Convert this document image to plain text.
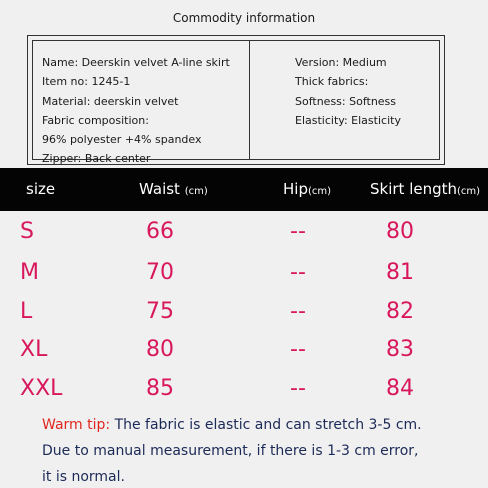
Commodity information
Name: Deerskin velvet A-line skirt
Item no: 1245-1
Material: deerskin velvet
Fabric composition:
96% polyester +4% spandex
Zipper: Back center
Version: Medium
Thick fabrics:
Softness: Softness
Elasticity: Elasticity
size	Waist (cm)	Hip(cm)	Skirt length(cm)
S	66	--	80
M	70	--	81
L	75	--	82
XL	80	--	83
XXL	85	--	84
Warm tip: The fabric is elastic and can stretch 3-5 cm.
Due to manual measurement, if there is 1-3 cm error,
it is normal.
